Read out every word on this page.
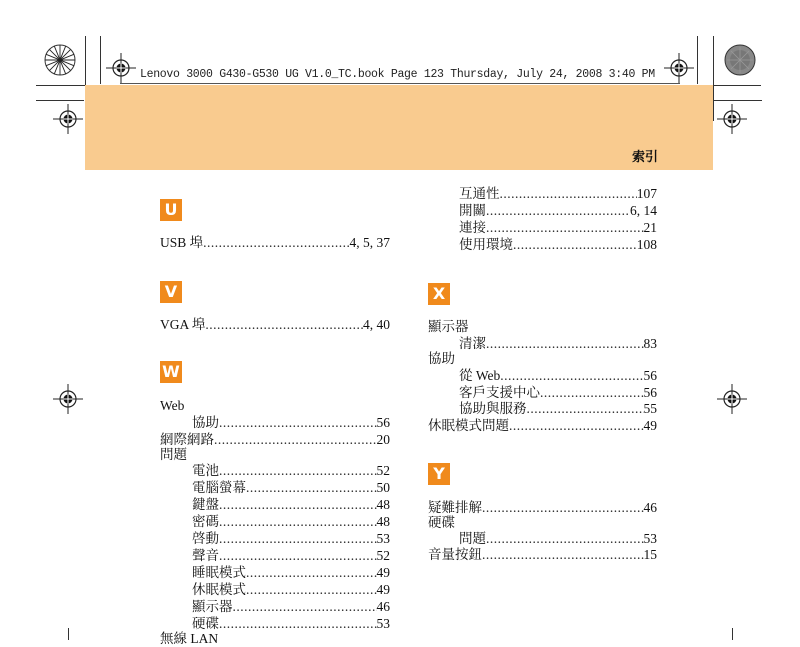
Lenovo 3000 G430-G530 UG V1.0_TC.book Page 123 Thursday, July 24, 2008 3:40 PM
索引
U
USB 埠 .....	4, 5, 37
V
VGA 埠 .....	4, 40
W
Web
協助 .....	56
網際網路 .....	20
問題
電池 .....	52
電腦螢幕 .....	50
鍵盤 .....	48
密碼 .....	48
啓動 .....	53
聲音 .....	52
睡眠模式 .....	49
休眠模式 .....	49
顯示器 .....	46
硬碟 .....	53
無線 LAN
互通性 .....	107
開關 .....	6, 14
連接 .....	21
使用環境 .....	108
X
顯示器
清潔 .....	83
協助
從 Web .....	56
客戶支援中心 .....	56
協助與服務 .....	55
休眠模式問題 .....	49
Y
疑難排解 .....	46
硬碟
問題 .....	53
音量按鈕 .....	15
